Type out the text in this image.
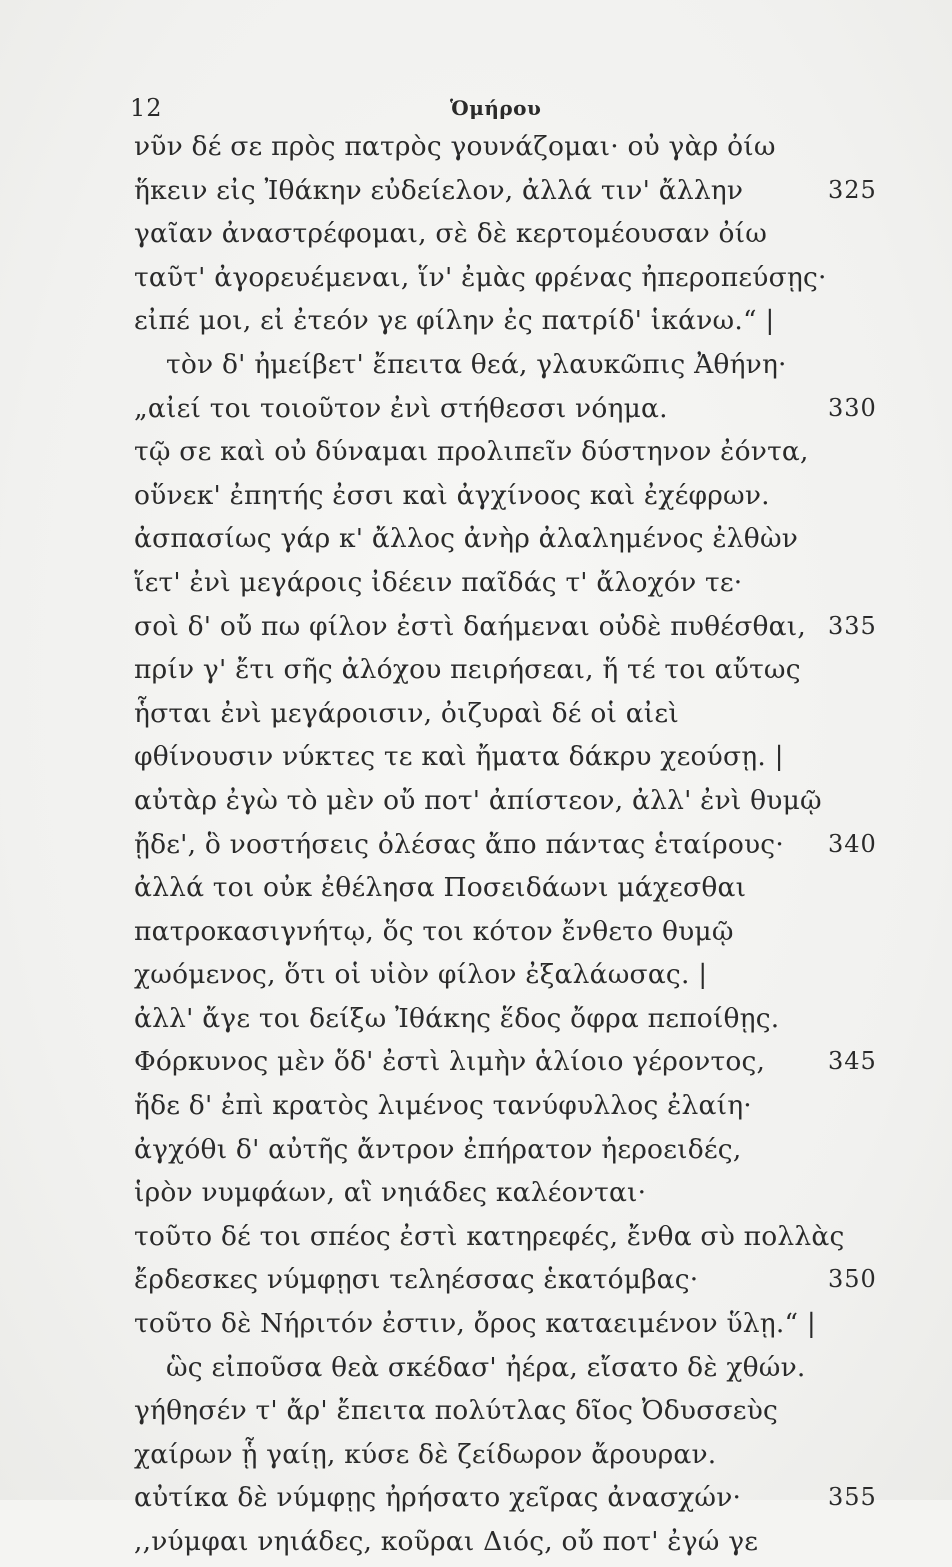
12	Ὁμήρου
νῦν δέ σε πρὸς πατρὸς γουνάζομαι· οὐ γὰρ ὀίω
ἥκειν εἰς Ἰθάκην εὐδείελον, ἀλλά τιν' ἄλλην	325
γαῖαν ἀναστρέφομαι, σὲ δὲ κερτομέουσαν ὀίω
ταῦτ' ἀγορευέμεναι, ἵν' ἐμὰς φρένας ἠπεροπεύσῃς·
εἰπέ μοι, εἰ ἐτεόν γε φίλην ἐς πατρίδ' ἱκάνω.“ |
τὸν δ' ἠμείβετ' ἔπειτα θεά, γλαυκῶπις Ἀθήνη·
„αἰεί τοι τοιοῦτον ἐνὶ στήθεσσι νόημα.	330
τῷ σε καὶ οὐ δύναμαι προλιπεῖν δύστηνον ἐόντα,
οὕνεκ' ἐπητής ἐσσι καὶ ἀγχίνοος καὶ ἐχέφρων.
ἀσπασίως γάρ κ' ἄλλος ἀνὴρ ἀλαλημένος ἐλθὼν
ἵετ' ἐνὶ μεγάροις ἰδέειν παῖδάς τ' ἄλοχόν τε·
σοὶ δ' οὔ πω φίλον ἐστὶ δαήμεναι οὐδὲ πυθέσθαι, 335
πρίν γ' ἔτι σῆς ἀλόχου πειρήσεαι, ἥ τέ τοι αὔτως
ἧσται ἐνὶ μεγάροισιν, ὀιζυραὶ δέ οἱ αἰεὶ
φθίνουσιν νύκτες τε καὶ ἤματα δάκρυ χεούσῃ. |
αὐτὰρ ἐγὼ τὸ μὲν οὔ ποτ' ἀπίστεον, ἀλλ' ἐνὶ θυμῷ
ᾔδε', ὃ νοστήσεις ὀλέσας ἄπο πάντας ἑταίρους· 340
ἀλλά τοι οὐκ ἐθέλησα Ποσειδάωνι μάχεσθαι
πατροκασιγνήτῳ, ὅς τοι κότον ἔνθετο θυμῷ
χωόμενος, ὅτι οἱ υἱὸν φίλον ἐξαλάωσας. |
ἀλλ' ἄγε τοι δείξω Ἰθάκης ἕδος ὄφρα πεποίθῃς.
Φόρκυνος μὲν ὅδ' ἐστὶ λιμὴν ἁλίοιο γέροντος,	345
ἥδε δ' ἐπὶ κρατὸς λιμένος τανύφυλλος ἐλαίη·
ἀγχόθι δ' αὐτῆς ἄντρον ἐπήρατον ἠεροειδές,
ἱρὸν νυμφάων, αἳ νηιάδες καλέονται·
τοῦτο δέ τοι σπέος ἐστὶ κατηρεφές, ἔνθα σὺ πολλὰς
ἔρδεσκες νύμφῃσι τεληέσσας ἑκατόμβας·	350
τοῦτο δὲ Νήριτόν ἐστιν, ὄρος καταειμένον ὕλῃ.“ |
ὣς εἰποῦσα θεὰ σκέδασ' ἠέρα, εἴσατο δὲ χθών.
γήθησέν τ' ἄρ' ἔπειτα πολύτλας δῖος Ὀδυσσεὺς
χαίρων ᾗ γαίῃ, κύσε δὲ ζείδωρον ἄρουραν.
αὐτίκα δὲ νύμφῃς ἠρήσατο χεῖρας ἀνασχών·	355
,,νύμφαι νηιάδες, κοῦραι Διός, οὔ ποτ' ἐγώ γε
